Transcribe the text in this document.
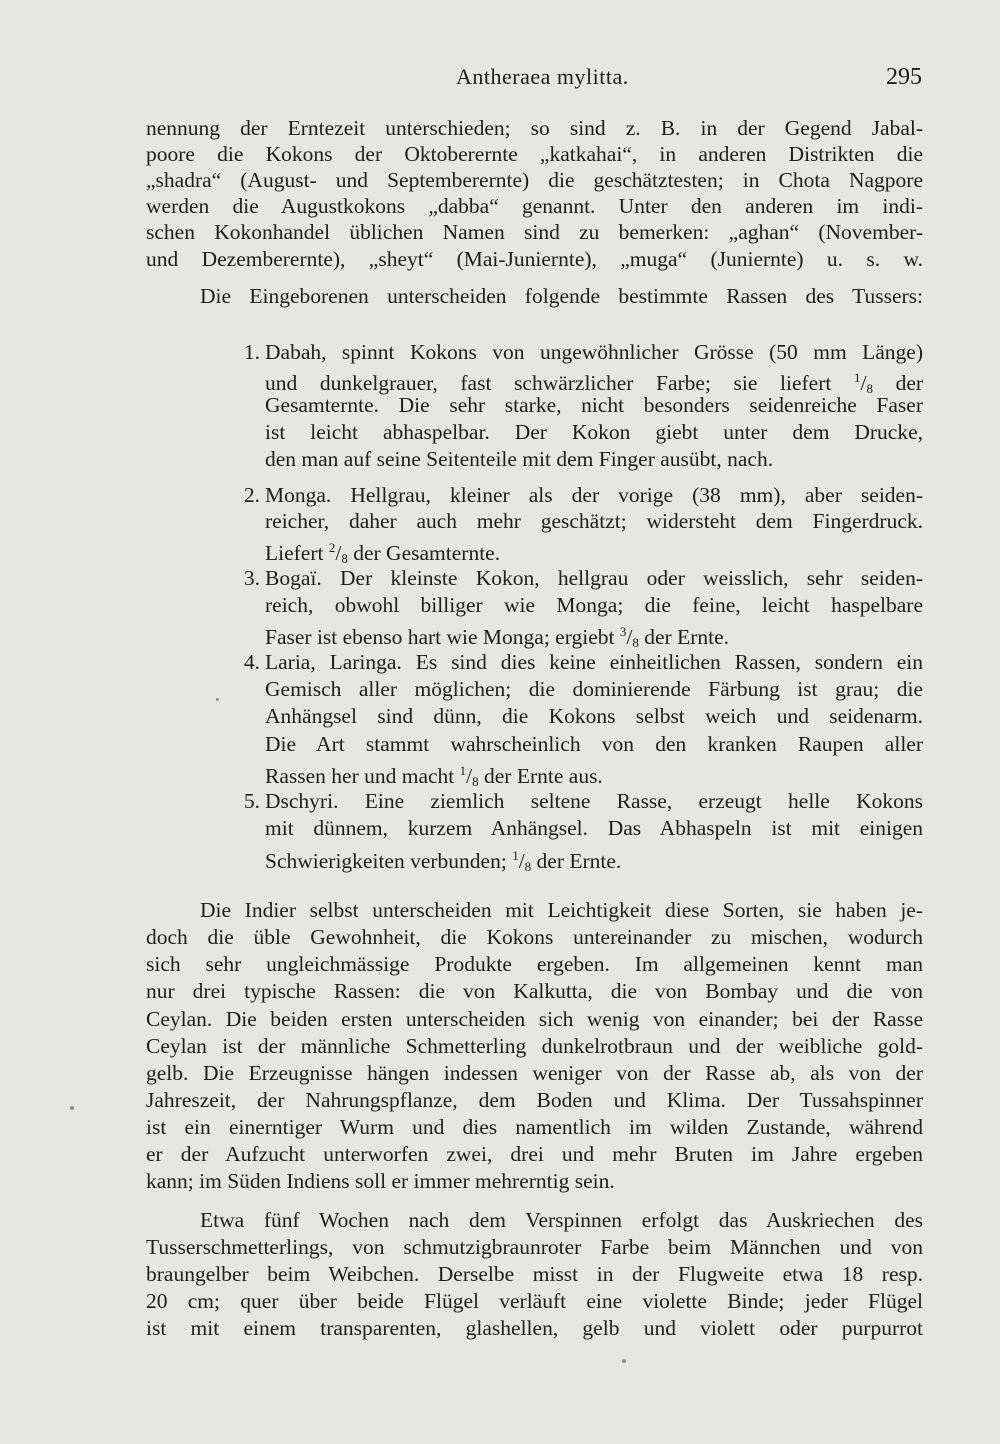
Antheraea mylitta.	295
nennung der Erntezeit unterschieden; so sind z. B. in der Gegend Jabal-
poore die Kokons der Oktoberernte „katkahai“, in anderen Distrikten die
„shadra“ (August- und Septemberernte) die geschätztesten; in Chota Nagpore
werden die Augustkokons „dabba“ genannt. Unter den anderen im indi-
schen Kokonhandel üblichen Namen sind zu bemerken: „aghan“ (November-
und Dezemberernte), „sheyt“ (Mai-Juniernte), „muga“ (Juniernte) u. s. w.
Die Eingeborenen unterscheiden folgende bestimmte Rassen des Tussers:
1. Dabah, spinnt Kokons von ungewöhnlicher Grösse (50 mm Länge)
und dunkelgrauer, fast schwärzlicher Farbe; sie liefert $^1/_8$ der
Gesamternte. Die sehr starke, nicht besonders seidenreiche Faser
ist leicht abhaspelbar. Der Kokon giebt unter dem Drucke,
den man auf seine Seitenteile mit dem Finger ausübt, nach.
2. Monga. Hellgrau, kleiner als der vorige (38 mm), aber seiden-
reicher, daher auch mehr geschätzt; widersteht dem Fingerdruck.
Liefert $^2/_8$ der Gesamternte.
3. Bogaï. Der kleinste Kokon, hellgrau oder weisslich, sehr seiden-
reich, obwohl billiger wie Monga; die feine, leicht haspelbare
Faser ist ebenso hart wie Monga; ergiebt $^3/_8$ der Ernte.
4. Laria, Laringa. Es sind dies keine einheitlichen Rassen, sondern ein
Gemisch aller möglichen; die dominierende Färbung ist grau; die
Anhängsel sind dünn, die Kokons selbst weich und seidenarm.
Die Art stammt wahrscheinlich von den kranken Raupen aller
Rassen her und macht $^1/_8$ der Ernte aus.
5. Dschyri. Eine ziemlich seltene Rasse, erzeugt helle Kokons
mit dünnem, kurzem Anhängsel. Das Abhaspeln ist mit einigen
Schwierigkeiten verbunden; $^1/_8$ der Ernte.
Die Indier selbst unterscheiden mit Leichtigkeit diese Sorten, sie haben je-
doch die üble Gewohnheit, die Kokons untereinander zu mischen, wodurch
sich sehr ungleichmässige Produkte ergeben. Im allgemeinen kennt man
nur drei typische Rassen: die von Kalkutta, die von Bombay und die von
Ceylan. Die beiden ersten unterscheiden sich wenig von einander; bei der Rasse
Ceylan ist der männliche Schmetterling dunkelrotbraun und der weibliche gold-
gelb. Die Erzeugnisse hängen indessen weniger von der Rasse ab, als von der
Jahreszeit, der Nahrungspflanze, dem Boden und Klima. Der Tussahspinner
ist ein einerntiger Wurm und dies namentlich im wilden Zustande, während
er der Aufzucht unterworfen zwei, drei und mehr Bruten im Jahre ergeben
kann; im Süden Indiens soll er immer mehrerntig sein.
Etwa fünf Wochen nach dem Verspinnen erfolgt das Auskriechen des
Tusserschmetterlings, von schmutzigbraunroter Farbe beim Männchen und von
braungelber beim Weibchen. Derselbe misst in der Flugweite etwa 18 resp.
20 cm; quer über beide Flügel verläuft eine violette Binde; jeder Flügel
ist mit einem transparenten, glashellen, gelb und violett oder purpurrot
